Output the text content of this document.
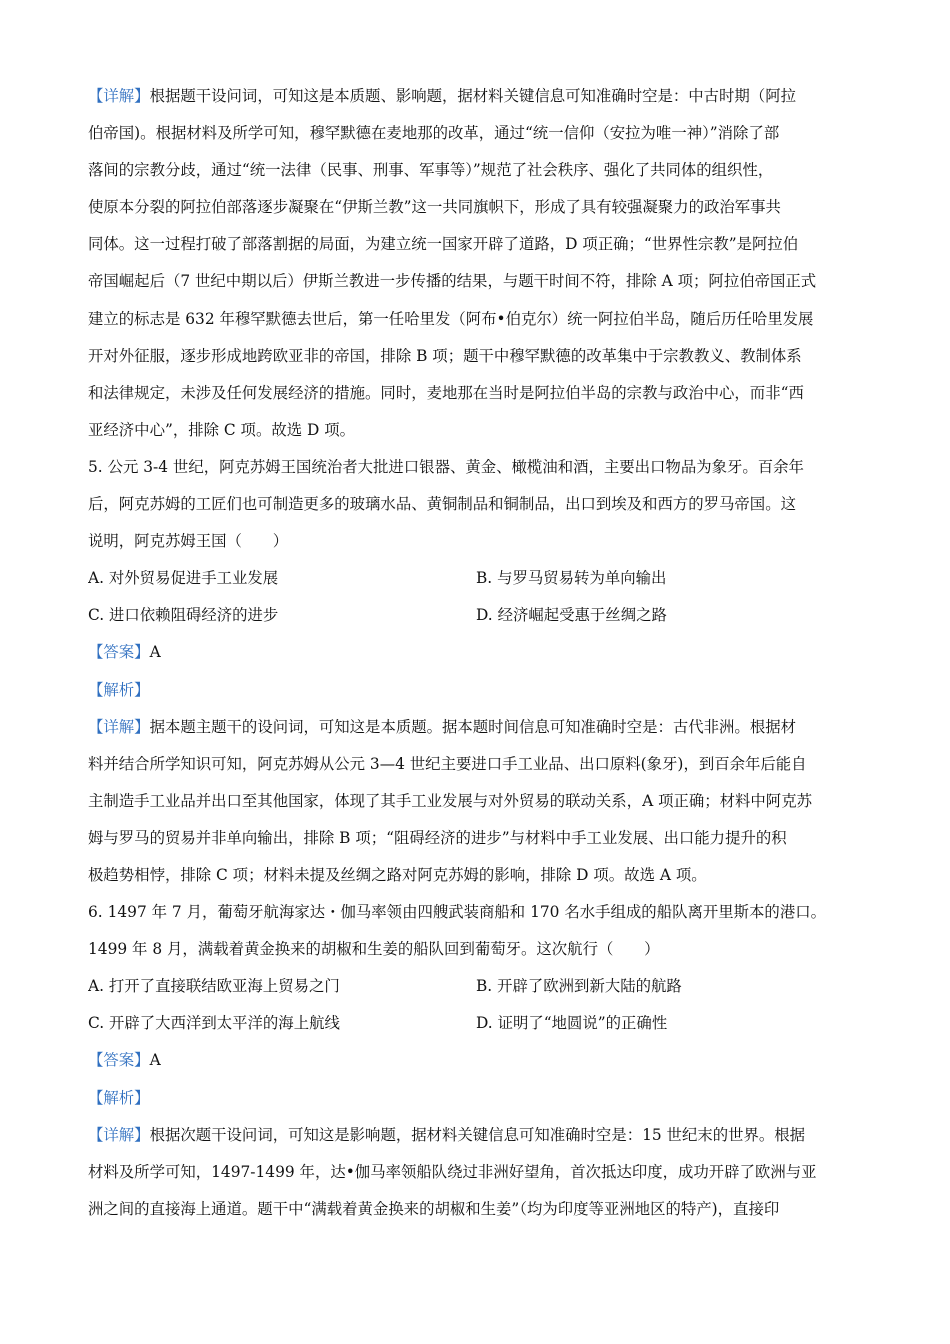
【详解】根据题干设问词，可知这是本质题、影响题，据材料关键信息可知准确时空是：中古时期（阿拉
伯帝国)。根据材料及所学可知，穆罕默德在麦地那的改革，通过“统一信仰（安拉为唯一神）”消除了部
落间的宗教分歧，通过“统一法律（民事、刑事、军事等）”规范了社会秩序、强化了共同体的组织性，
使原本分裂的阿拉伯部落逐步凝聚在“伊斯兰教”这一共同旗帜下，形成了具有较强凝聚力的政治军事共
同体。这一过程打破了部落割据的局面，为建立统一国家开辟了道路，D 项正确；“世界性宗教”是阿拉伯
帝国崛起后（7 世纪中期以后）伊斯兰教进一步传播的结果，与题干时间不符，排除 A 项；阿拉伯帝国正式
建立的标志是 632 年穆罕默德去世后，第一任哈里发（阿布•伯克尔）统一阿拉伯半岛，随后历任哈里发展
开对外征服，逐步形成地跨欧亚非的帝国，排除 B 项；题干中穆罕默德的改革集中于宗教教义、教制体系
和法律规定，未涉及任何发展经济的措施。同时，麦地那在当时是阿拉伯半岛的宗教与政治中心，而非“西
亚经济中心”，排除 C 项。故选 D 项。
5. 公元 3-4 世纪，阿克苏姆王国统治者大批进口银器、黄金、橄榄油和酒，主要出口物品为象牙。百余年
后，阿克苏姆的工匠们也可制造更多的玻璃水品、黄铜制品和铜制品，出口到埃及和西方的罗马帝国。这
说明，阿克苏姆王国（　　）
A. 对外贸易促进手工业发展	B. 与罗马贸易转为单向输出
C. 进口依赖阻碍经济的进步	D. 经济崛起受惠于丝绸之路
【答案】A
【解析】
【详解】据本题主题干的设问词，可知这是本质题。据本题时间信息可知准确时空是：古代非洲。根据材
料并结合所学知识可知，阿克苏姆从公元 3—4 世纪主要进口手工业品、出口原料(象牙)，到百余年后能自
主制造手工业品并出口至其他国家，体现了其手工业发展与对外贸易的联动关系，A 项正确；材料中阿克苏
姆与罗马的贸易并非单向输出，排除 B 项；“阻碍经济的进步”与材料中手工业发展、出口能力提升的积
极趋势相悖，排除 C 项；材料未提及丝绸之路对阿克苏姆的影响，排除 D 项。故选 A 项。
6. 1497 年 7 月，葡萄牙航海家达・伽马率领由四艘武装商船和 170 名水手组成的船队离开里斯本的港口。
1499 年 8 月，满载着黄金换来的胡椒和生姜的船队回到葡萄牙。这次航行（　　）
A. 打开了直接联结欧亚海上贸易之门	B. 开辟了欧洲到新大陆的航路
C. 开辟了大西洋到太平洋的海上航线	D. 证明了“地圆说”的正确性
【答案】A
【解析】
【详解】根据次题干设问词，可知这是影响题，据材料关键信息可知准确时空是：15 世纪末的世界。根据
材料及所学可知，1497-1499 年，达•伽马率领船队绕过非洲好望角，首次抵达印度，成功开辟了欧洲与亚
洲之间的直接海上通道。题干中“满载着黄金换来的胡椒和生姜”（均为印度等亚洲地区的特产)，直接印
